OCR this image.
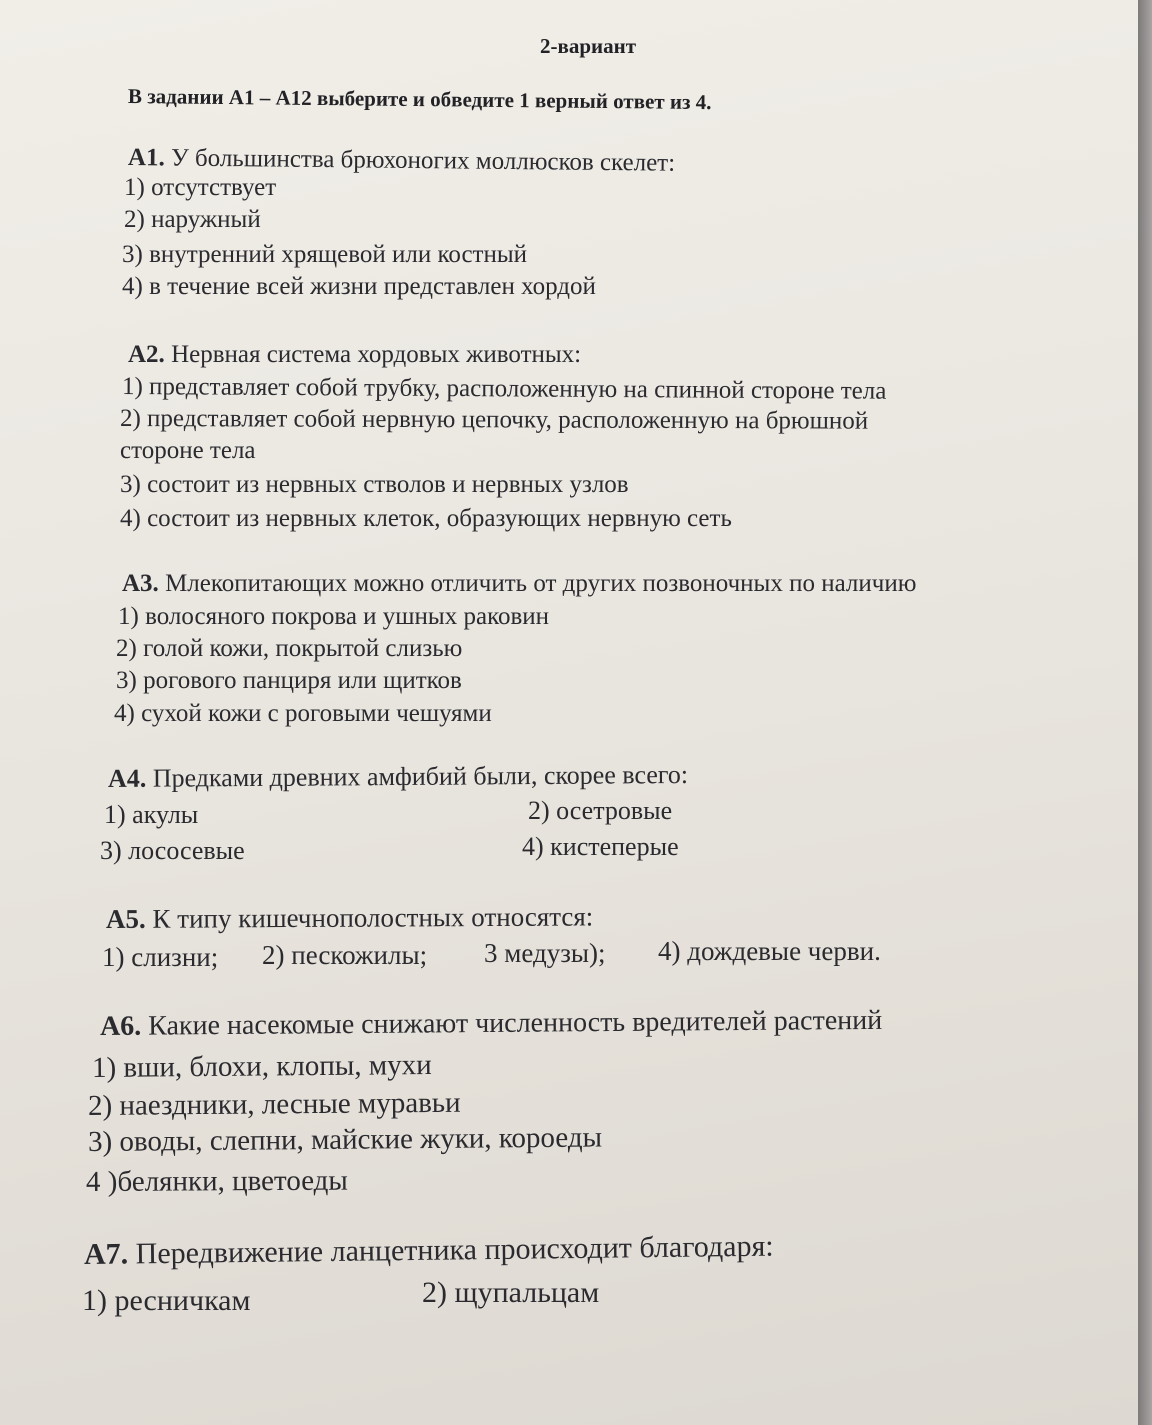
2-вариант
В задании А1 – А12 выберите и обведите 1 верный ответ из 4.
А1. У большинства брюхоногих моллюсков скелет:
1) отсутствует
2) наружный
3) внутренний хрящевой или костный
4) в течение всей жизни представлен хордой
А2. Нервная система хордовых животных:
1) представляет собой трубку, расположенную на спинной стороне тела
2) представляет собой нервную цепочку, расположенную на брюшной
стороне тела
3) состоит из нервных стволов и нервных узлов
4) состоит из нервных клеток, образующих нервную сеть
А3. Млекопитающих можно отличить от других позвоночных по наличию
1) волосяного покрова и ушных раковин
2) голой кожи, покрытой слизью
3) рогового панциря или щитков
4) сухой кожи с роговыми чешуями
А4. Предками древних амфибий были, скорее всего:
1) акулы	2) осетровые
3) лососевые	4) кистеперые
А5. К типу кишечнополостных относятся:
1) слизни; 2) пескожилы; 3 медузы); 4) дождевые черви.
А6. Какие насекомые снижают численность вредителей растений
1) вши, блохи, клопы, мухи
2) наездники, лесные муравьи
3) оводы, слепни, майские жуки, короеды
4 )белянки, цветоеды
А7. Передвижение ланцетника происходит благодаря:
1) ресничкам	2) щупальцам
